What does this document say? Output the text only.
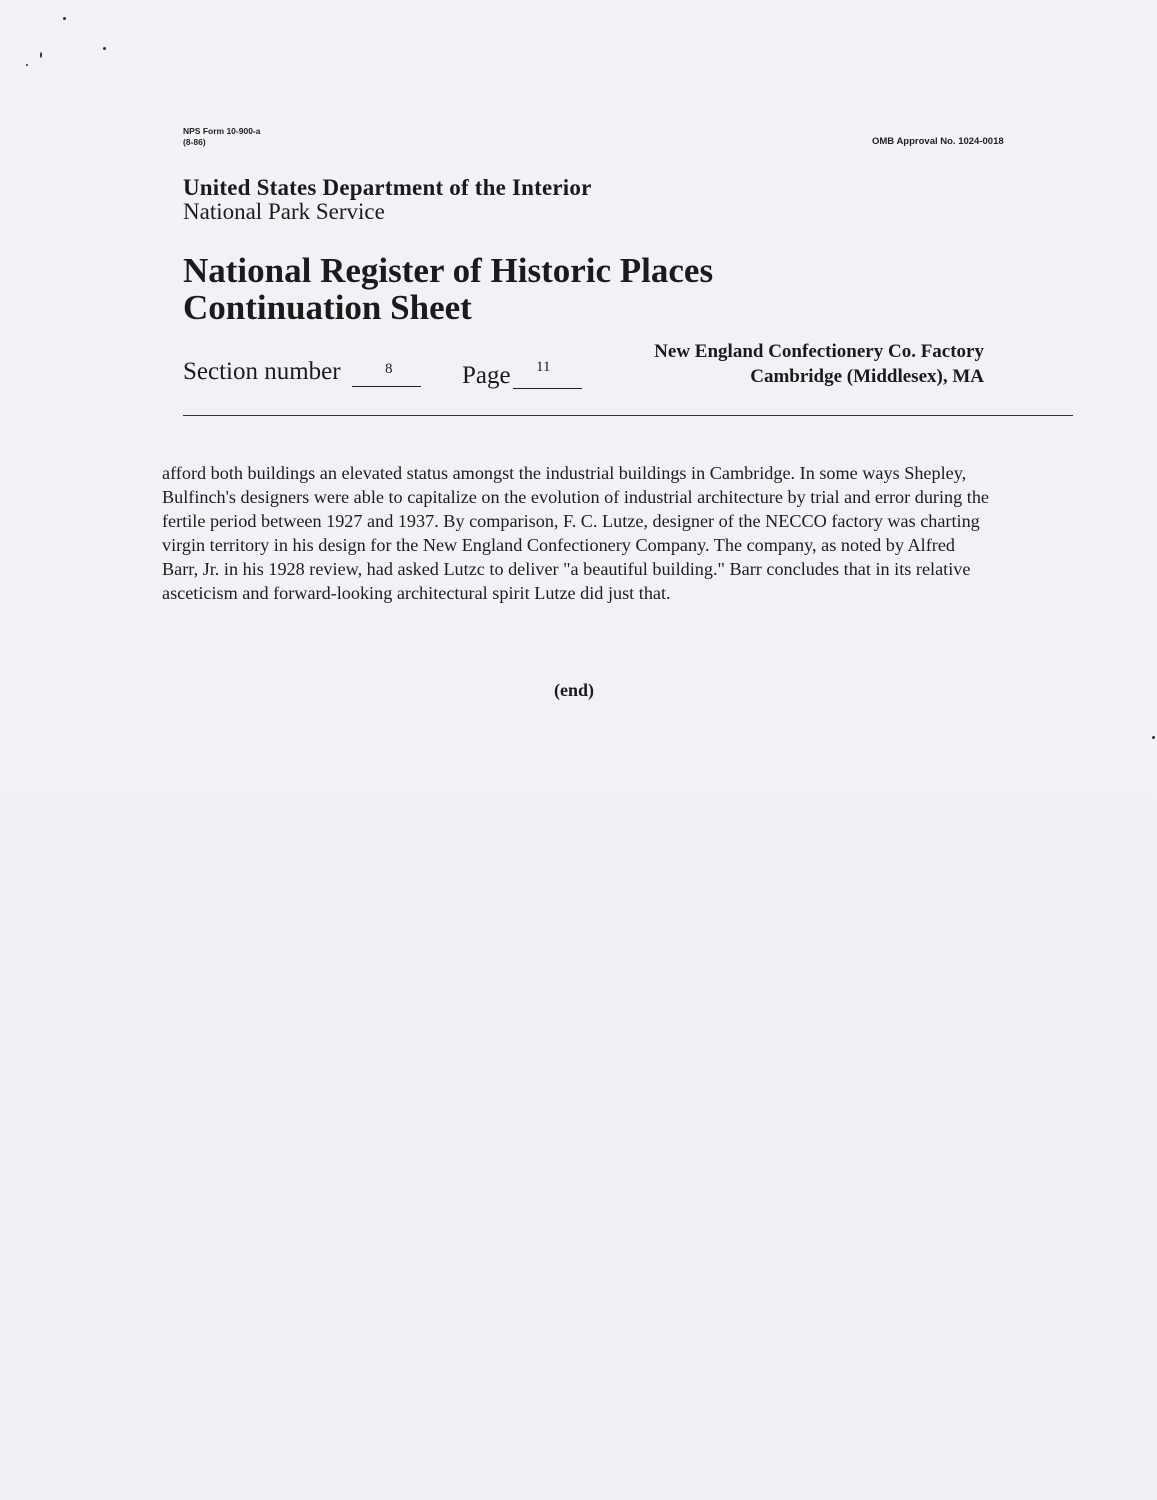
NPS Form 10-900-a
(8-86)	OMB Approval No. 1024-0018
United States Department of the Interior
National Park Service
National Register of Historic Places
Continuation Sheet
Section number	8	Page 11
New England Confectionery Co. Factory
Cambridge (Middlesex), MA
afford both buildings an elevated status amongst the industrial buildings in Cambridge. In some ways Shepley, Bulfinch's designers were able to capitalize on the evolution of industrial architecture by trial and error during the fertile period between 1927 and 1937. By comparison, F. C. Lutze, designer of the NECCO factory was charting virgin territory in his design for the New England Confectionery Company. The company, as noted by Alfred Barr, Jr. in his 1928 review, had asked Lutzc to deliver "a beautiful building." Barr concludes that in its relative asceticism and forward-looking architectural spirit Lutze did just that.
(end)
